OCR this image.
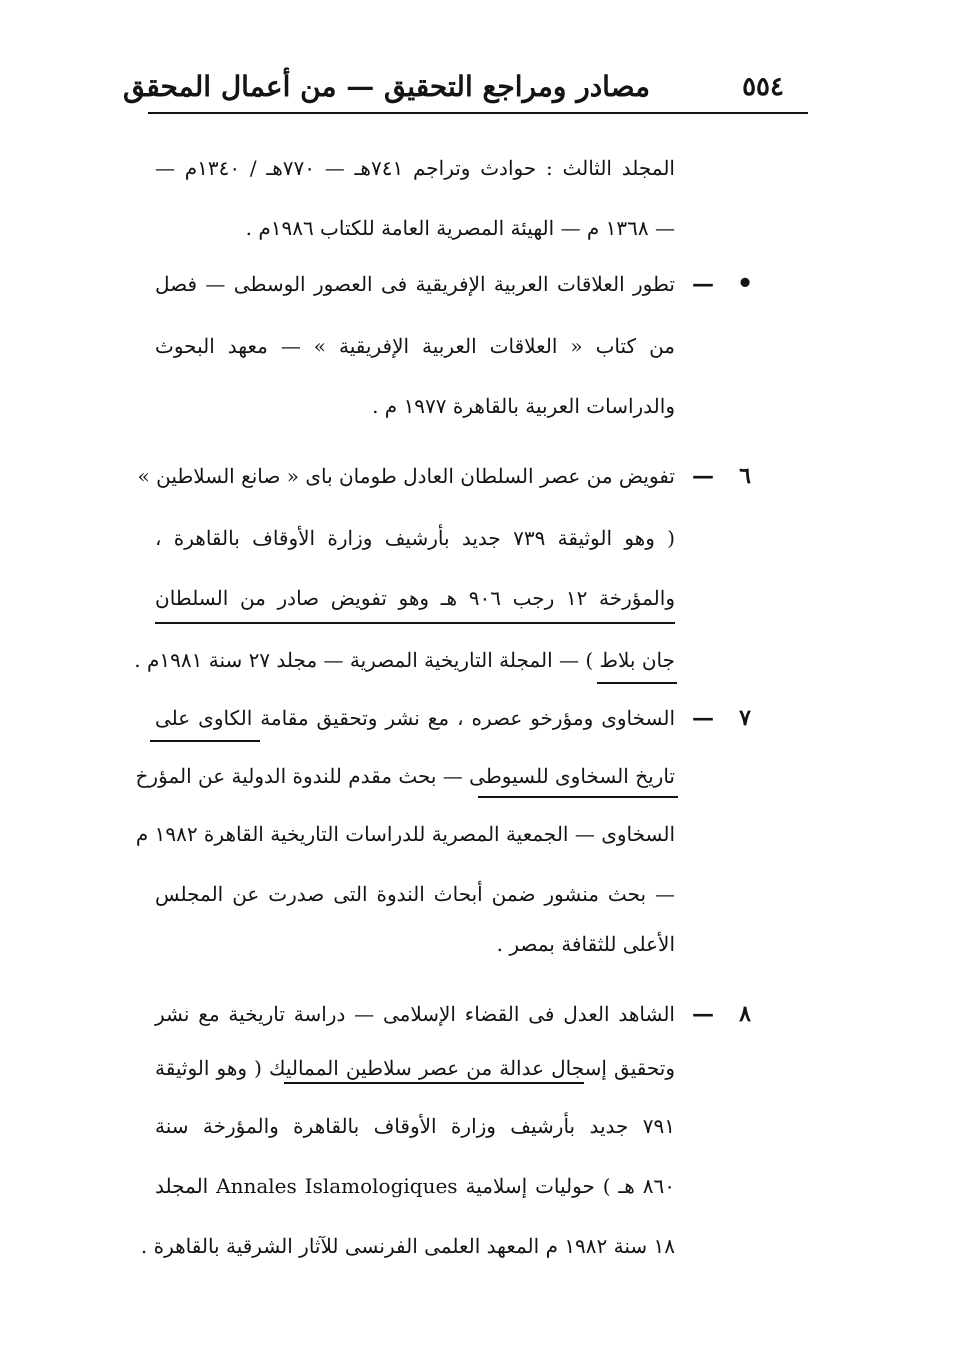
٥٥٤
مصادر ومراجع التحقيق — من أعمال المحقق
المجلد الثالث : حوادث وتراجم ٧٤١هـ — ٧٧٠هـ / ١٣٤٠م —
— ١٣٦٨ م — الهيئة المصرية العامة للكتاب ١٩٨٦م .
•
—
تطور العلاقات العربية الإفريقية فى العصور الوسطى — فصل
من كتاب « العلاقات العربية الإفريقية » — معهد البحوث
والدراسات العربية بالقاهرة ١٩٧٧ م .
٦
—
تفويض من عصر السلطان العادل طومان باى « صانع السلاطين »
( وهو الوثيقة ٧٣٩ جديد بأرشيف وزارة الأوقاف بالقاهرة ،
والمؤرخة ١٢ رجب ٩٠٦ هـ وهو تفويض صادر من السلطان
جان بلاط ) — المجلة التاريخية المصرية — مجلد ٢٧ سنة ١٩٨١م .
٧
—
السخاوى ومؤرخو عصره ، مع نشر وتحقيق مقامة الكاوى على
تاريخ السخاوى للسيوطى — بحث مقدم للندوة الدولية عن المؤرخ
السخاوى — الجمعية المصرية للدراسات التاريخية القاهرة ١٩٨٢ م
— بحث منشور ضمن أبحاث الندوة التى صدرت عن المجلس
الأعلى للثقافة بمصر .
٨
—
الشاهد العدل فى القضاء الإسلامى — دراسة تاريخية مع نشر
وتحقيق إسجال عدالة من عصر سلاطين المماليك ( وهو الوثيقة
٧٩١ جديد بأرشيف وزارة الأوقاف بالقاهرة والمؤرخة سنة
٨٦٠ هـ ) حوليات إسلامية Annales Islamologiques المجلد
١٨ سنة ١٩٨٢ م المعهد العلمى الفرنسى للآثار الشرقية بالقاهرة .
